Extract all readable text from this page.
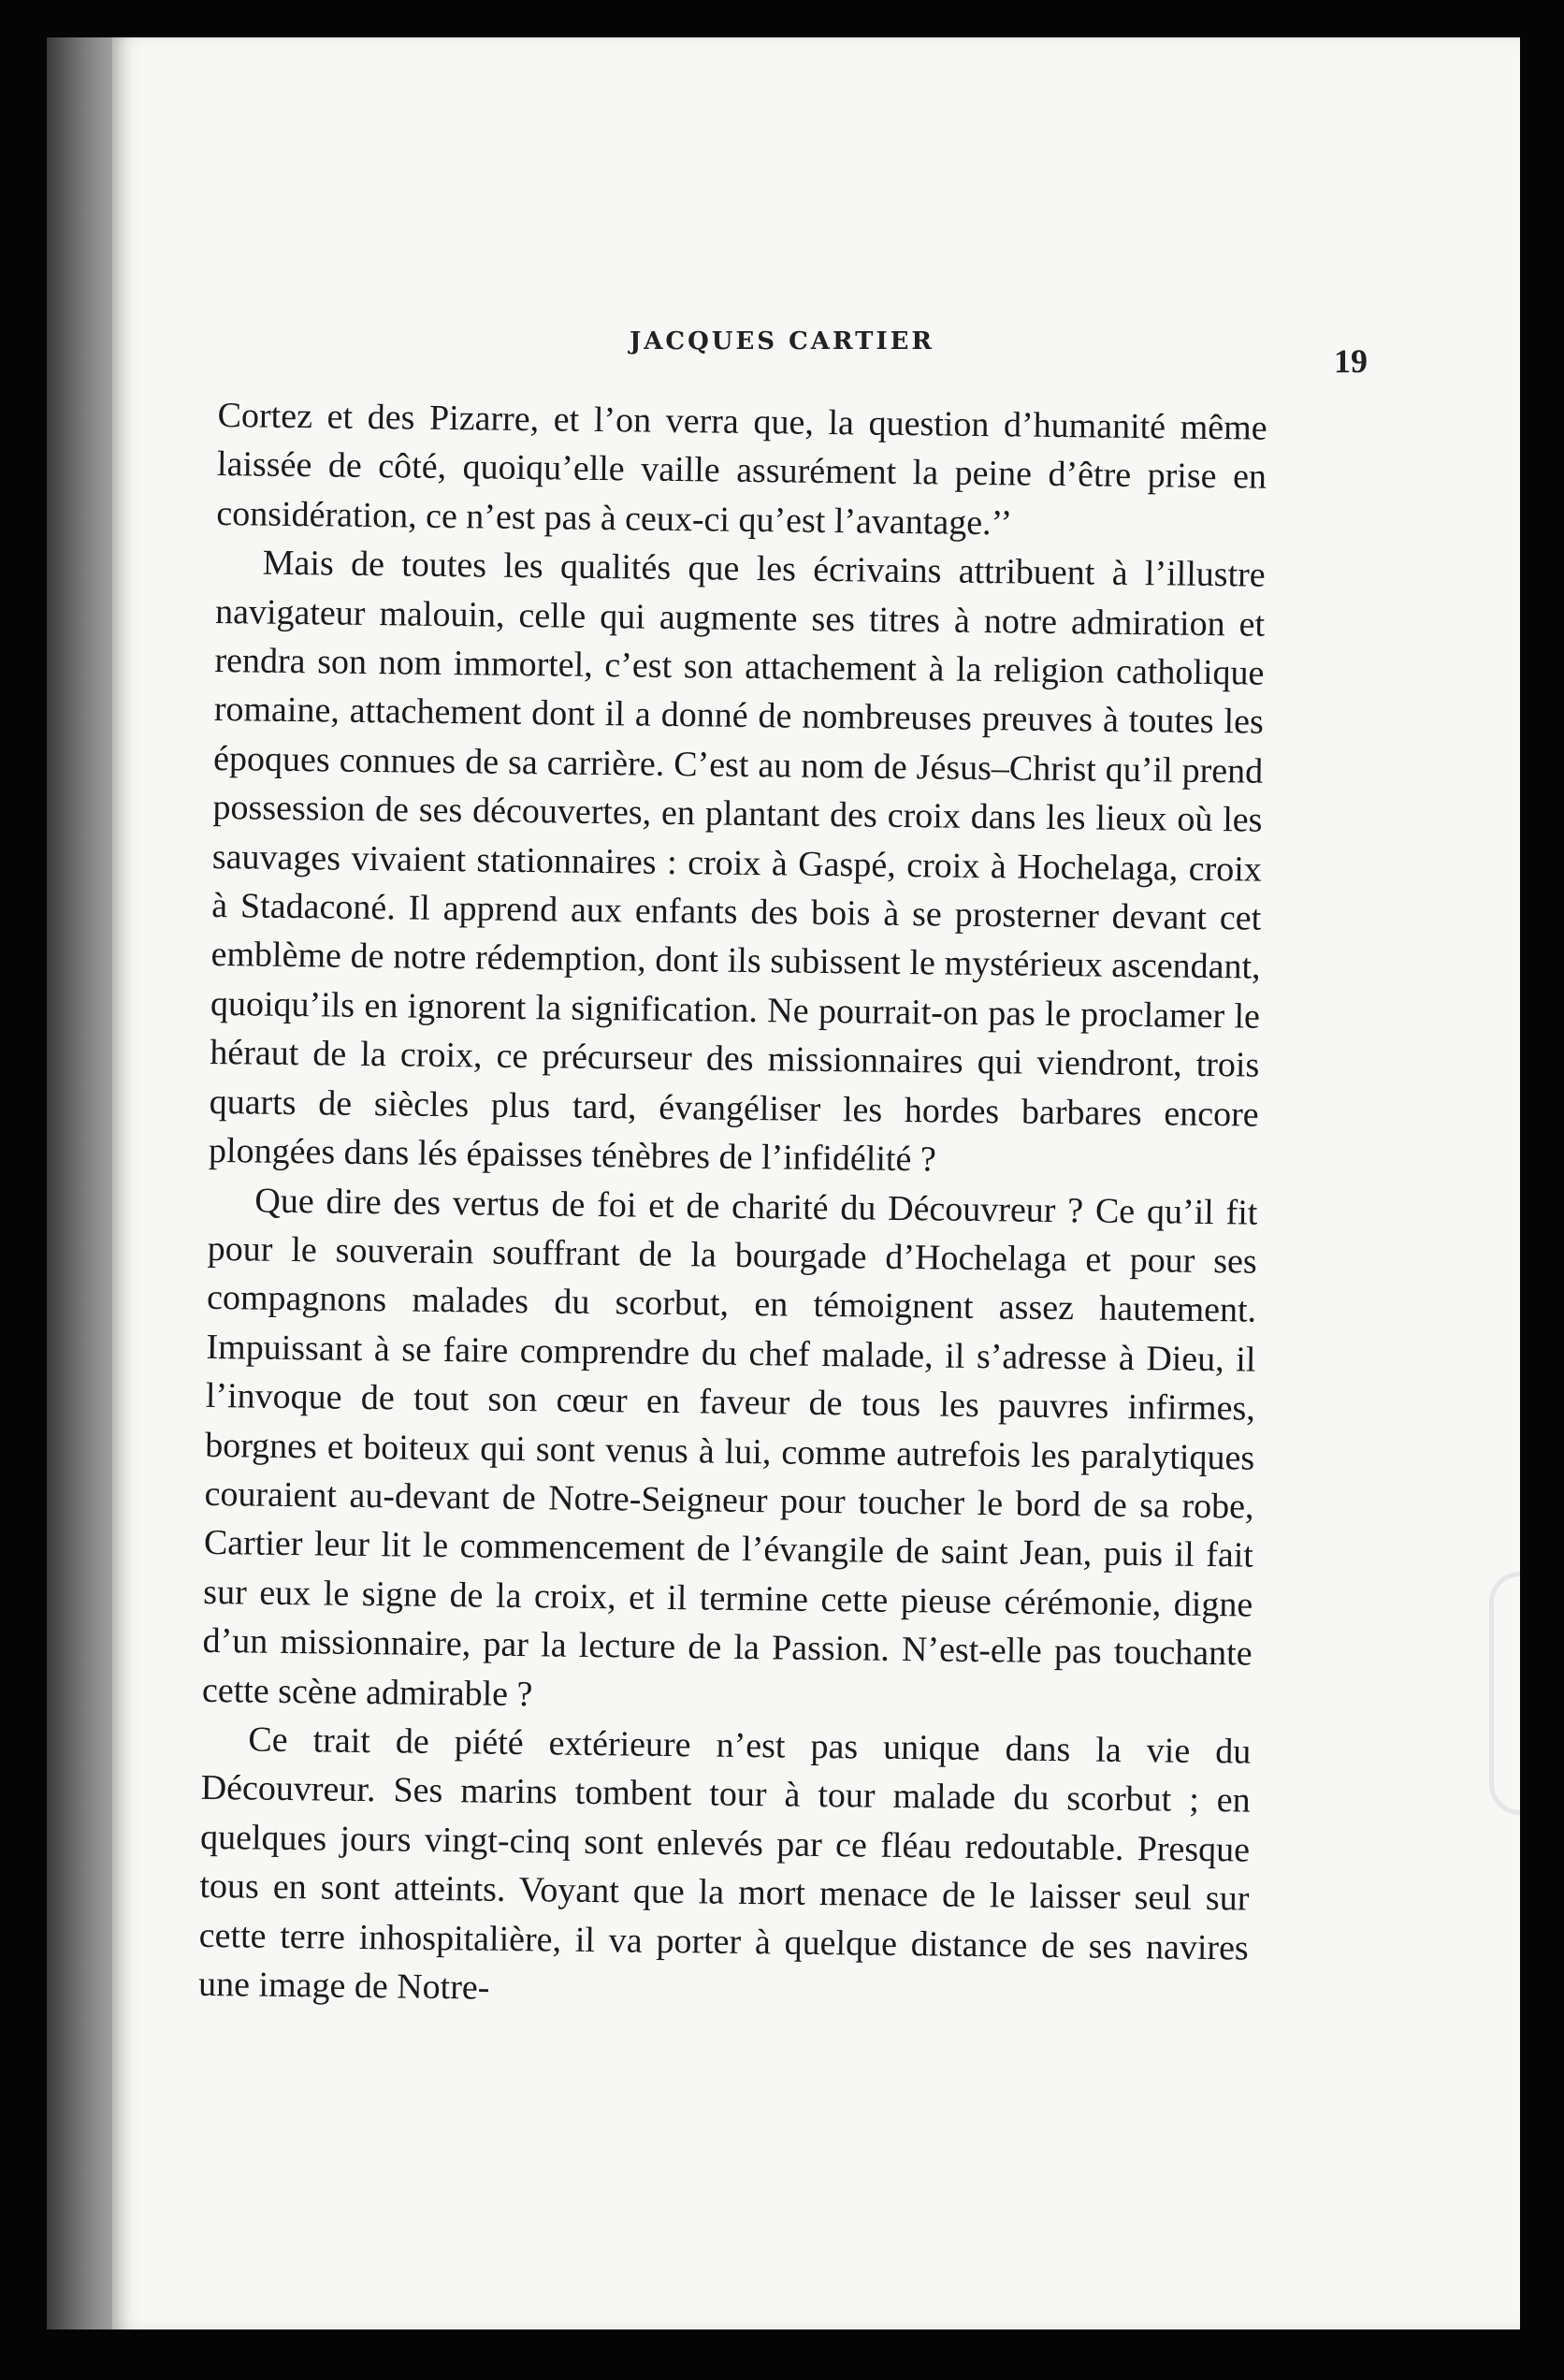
JACQUES CARTIER
19

Cortez et des Pizarre, et l’on verra que, la question d’humanité même laissée de côté, quoiqu’elle vaille assurément la peine d’être prise en considération, ce n’est pas à ceux-ci qu’est l’avantage.’’

Mais de toutes les qualités que les écrivains attribuent à l’illustre navigateur malouin, celle qui augmente ses titres à notre admiration et rendra son nom immortel, c’est son attachement à la religion catholique romaine, attachement dont il a donné de nombreuses preuves à toutes les époques connues de sa carrière. C’est au nom de Jésus–Christ qu’il prend possession de ses découvertes, en plantant des croix dans les lieux où les sauvages vivaient stationnaires : croix à Gaspé, croix à Hochelaga, croix à Stadaconé. Il apprend aux enfants des bois à se prosterner devant cet emblème de notre rédemption, dont ils subissent le mystérieux ascendant, quoiqu’ils en ignorent la signification. Ne pourrait-on pas le proclamer le héraut de la croix, ce précurseur des missionnaires qui viendront, trois quarts de siècles plus tard, évangéliser les hordes barbares encore plongées dans lés épaisses ténèbres de l’infidélité ?

Que dire des vertus de foi et de charité du Découvreur ? Ce qu’il fit pour le souverain souffrant de la bourgade d’Hochelaga et pour ses compagnons malades du scorbut, en témoignent assez hautement. Impuissant à se faire comprendre du chef malade, il s’adresse à Dieu, il l’invoque de tout son cœur en faveur de tous les pauvres infirmes, borgnes et boiteux qui sont venus à lui, comme autrefois les paralytiques couraient au-devant de Notre-Seigneur pour toucher le bord de sa robe, Cartier leur lit le commencement de l’évangile de saint Jean, puis il fait sur eux le signe de la croix, et il termine cette pieuse cérémonie, digne d’un missionnaire, par la lecture de la Passion. N’est-elle pas touchante cette scène admirable ?

Ce trait de piété extérieure n’est pas unique dans la vie du Découvreur. Ses marins tombent tour à tour malade du scorbut ; en quelques jours vingt-cinq sont enlevés par ce fléau redoutable. Presque tous en sont atteints. Voyant que la mort menace de le laisser seul sur cette terre inhospitalière, il va porter à quelque distance de ses navires une image de Notre-
